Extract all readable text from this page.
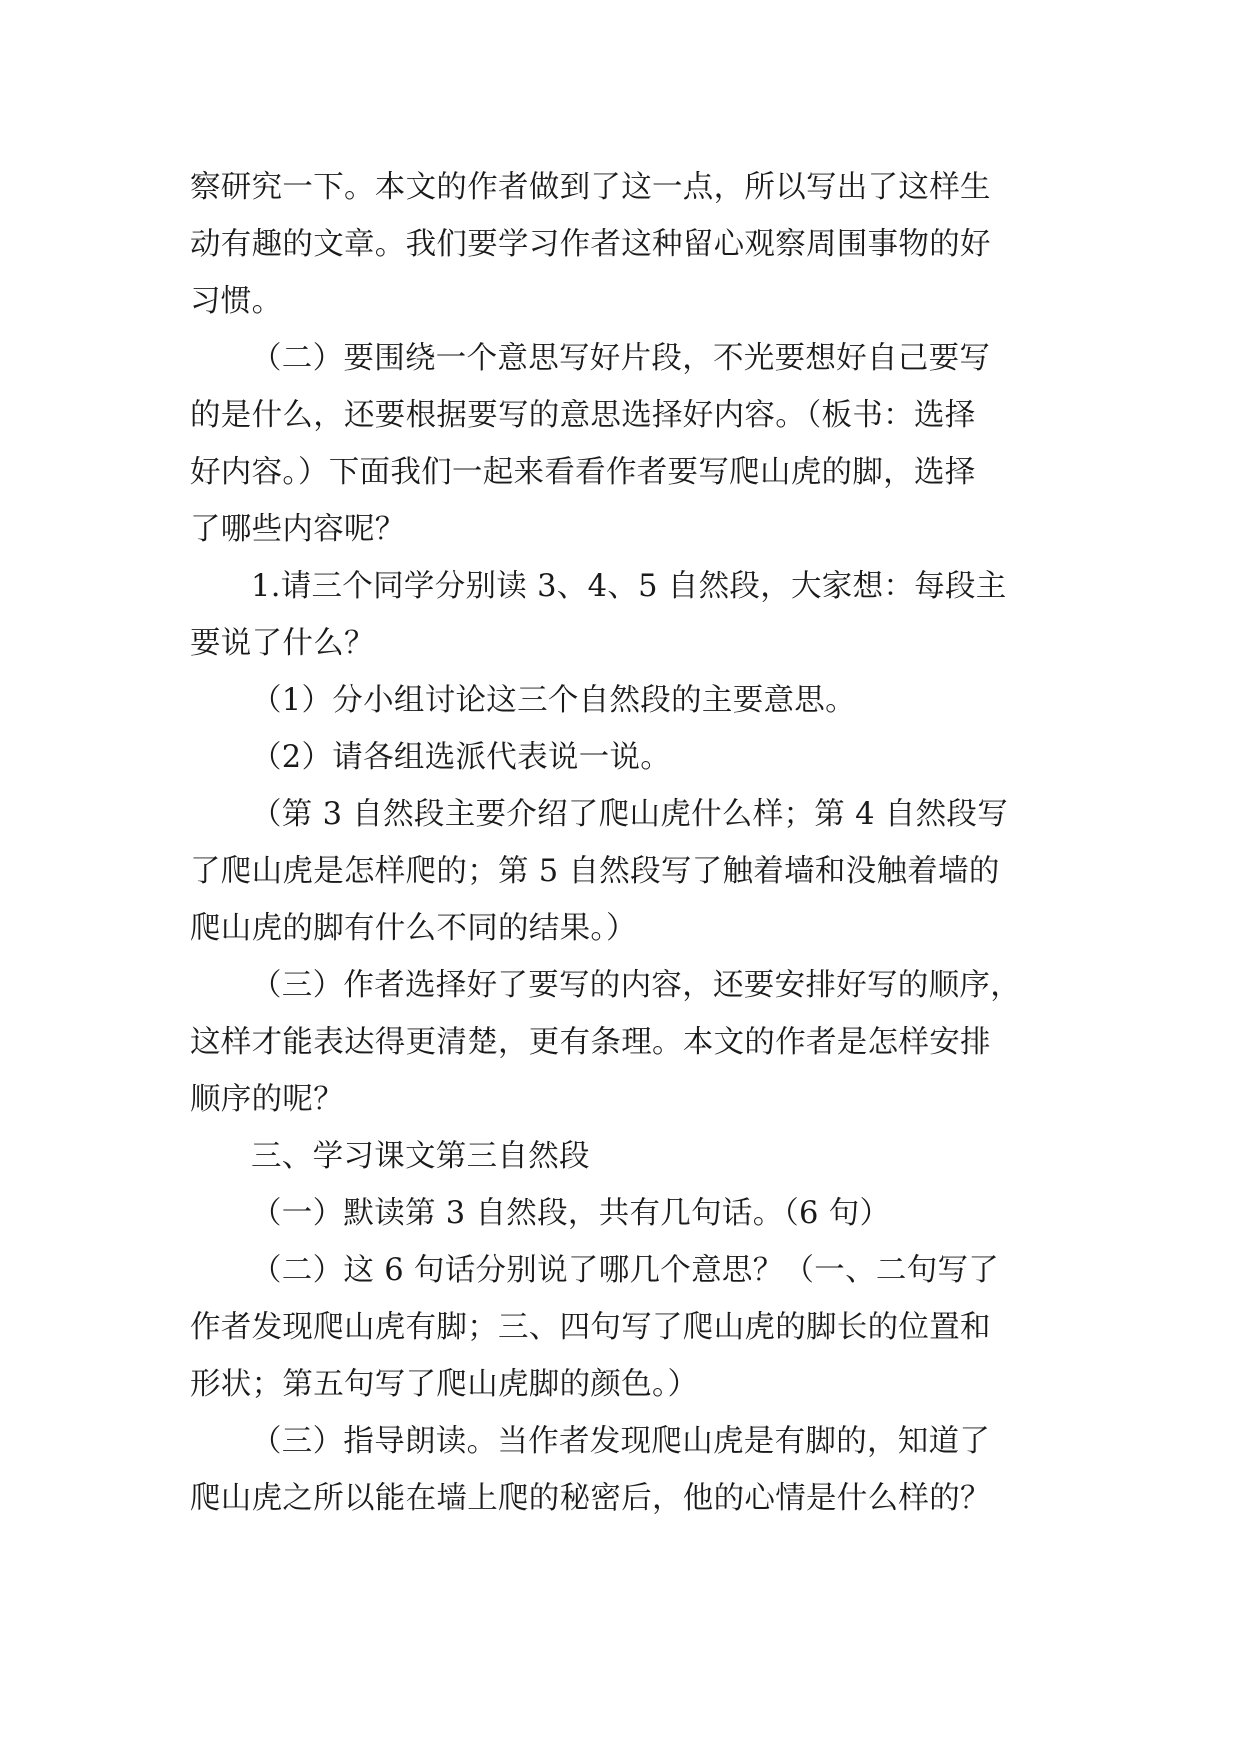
察研究一下。本文的作者做到了这一点，所以写出了这样生
动有趣的文章。我们要学习作者这种留心观察周围事物的好
习惯。
（二）要围绕一个意思写好片段，不光要想好自己要写
的是什么，还要根据要写的意思选择好内容。（板书：选择
好内容。）下面我们一起来看看作者要写爬山虎的脚，选择
了哪些内容呢？
1.请三个同学分别读 3、4、5 自然段，大家想：每段主
要说了什么？
（1）分小组讨论这三个自然段的主要意思。
（2）请各组选派代表说一说。
（第 3 自然段主要介绍了爬山虎什么样；第 4 自然段写
了爬山虎是怎样爬的；第 5 自然段写了触着墙和没触着墙的
爬山虎的脚有什么不同的结果。）
（三）作者选择好了要写的内容，还要安排好写的顺序，
这样才能表达得更清楚，更有条理。本文的作者是怎样安排
顺序的呢？
三、学习课文第三自然段
（一）默读第 3 自然段，共有几句话。（6 句）
（二）这 6 句话分别说了哪几个意思？（一、二句写了
作者发现爬山虎有脚；三、四句写了爬山虎的脚长的位置和
形状；第五句写了爬山虎脚的颜色。）
（三）指导朗读。当作者发现爬山虎是有脚的，知道了
爬山虎之所以能在墙上爬的秘密后，他的心情是什么样的？
